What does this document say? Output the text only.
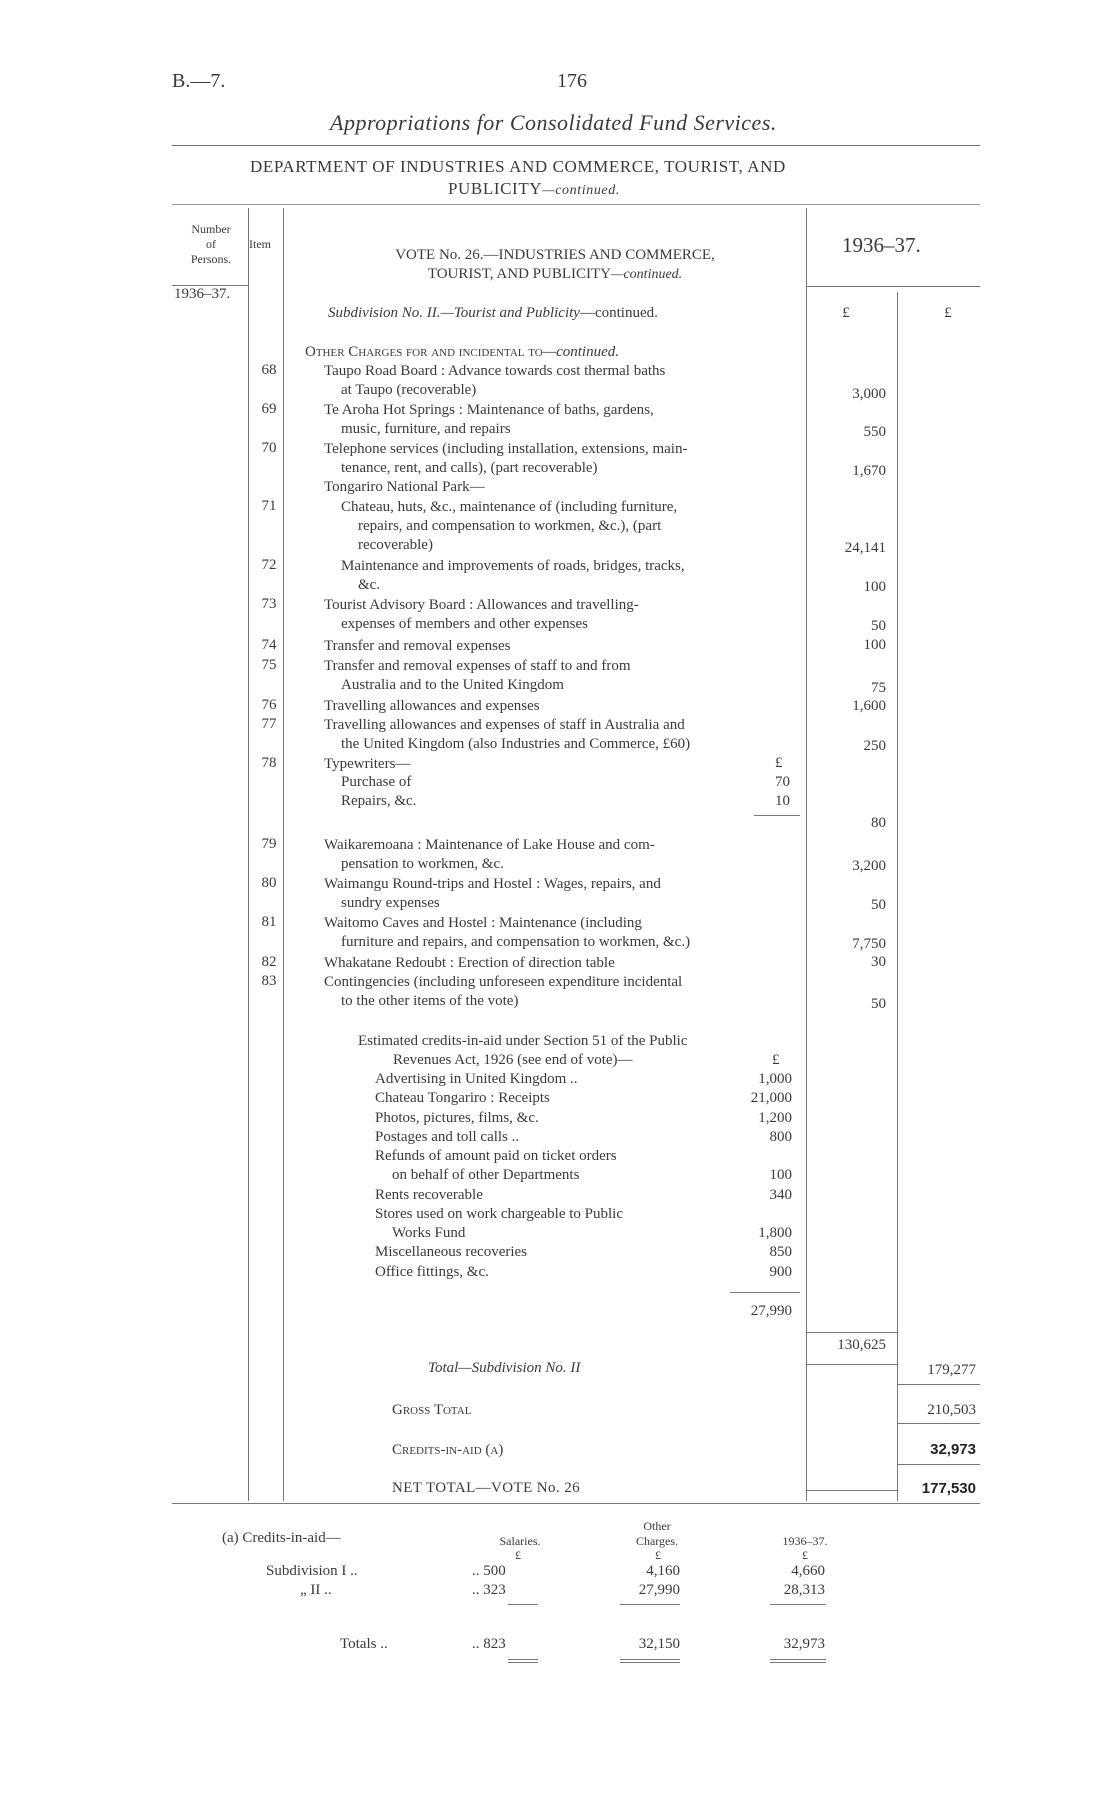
B.—7.	176
Appropriations for Consolidated Fund Services.
DEPARTMENT OF INDUSTRIES AND COMMERCE, TOURIST, AND
PUBLICITY—continued.
Number
of
Persons.
Item
1936–37.
VOTE No. 26.—INDUSTRIES AND COMMERCE,
TOURIST, AND PUBLICITY—continued.
1936–37.
Subdivision No. II.—Tourist and Publicity—continued.	£	£
Other Charges for and incidental to—continued.
68	Taupo Road Board : Advance towards cost thermal baths
at Taupo (recoverable)	3,000
69	Te Aroha Hot Springs : Maintenance of baths, gardens,
music, furniture, and repairs	550
70	Telephone services (including installation, extensions, main-
tenance, rent, and calls), (part recoverable)	1,670
Tongariro National Park—
71	Chateau, huts, &c., maintenance of (including furniture,
repairs, and compensation to workmen, &c.), (part
recoverable)	24,141
72	Maintenance and improvements of roads, bridges, tracks,
&c.	100
73	Tourist Advisory Board : Allowances and travelling-
expenses of members and other expenses	50
74	Transfer and removal expenses	100
75	Transfer and removal expenses of staff to and from
Australia and to the United Kingdom	75
76	Travelling allowances and expenses	1,600
77	Travelling allowances and expenses of staff in Australia and
the United Kingdom (also Industries and Commerce, £60)	250
78	Typewriters—	£
Purchase of	70
Repairs, &c.	10
80
79	Waikaremoana : Maintenance of Lake House and com-
pensation to workmen, &c.	3,200
80	Waimangu Round-trips and Hostel : Wages, repairs, and
sundry expenses	50
81	Waitomo Caves and Hostel : Maintenance (including
furniture and repairs, and compensation to workmen, &c.)	7,750
82	Whakatane Redoubt : Erection of direction table	30
83	Contingencies (including unforeseen expenditure incidental
to the other items of the vote)	50
Estimated credits-in-aid under Section 51 of the Public
Revenues Act, 1926 (see end of vote)—	£
Advertising in United Kingdom ..	1,000
Chateau Tongariro : Receipts	21,000
Photos, pictures, films, &c.	1,200
Postages and toll calls ..	800
Refunds of amount paid on ticket orders
on behalf of other Departments	100
Rents recoverable	340
Stores used on work chargeable to Public
Works Fund	1,800
Miscellaneous recoveries	850
Office fittings, &c.	900
27,990
130,625
Total—Subdivision No. II	179,277
Gross Total	210,503
Credits-in-aid (a)	32,973
NET TOTAL—VOTE No. 26	177,530
(a) Credits-in-aid—	Salaries.
Other
Charges.	1936–37.
£	£	£
Subdivision I ..	.. 500	4,160	4,660
„ II ..	.. 323	27,990	28,313
Totals ..	.. 823	32,150	32,973
